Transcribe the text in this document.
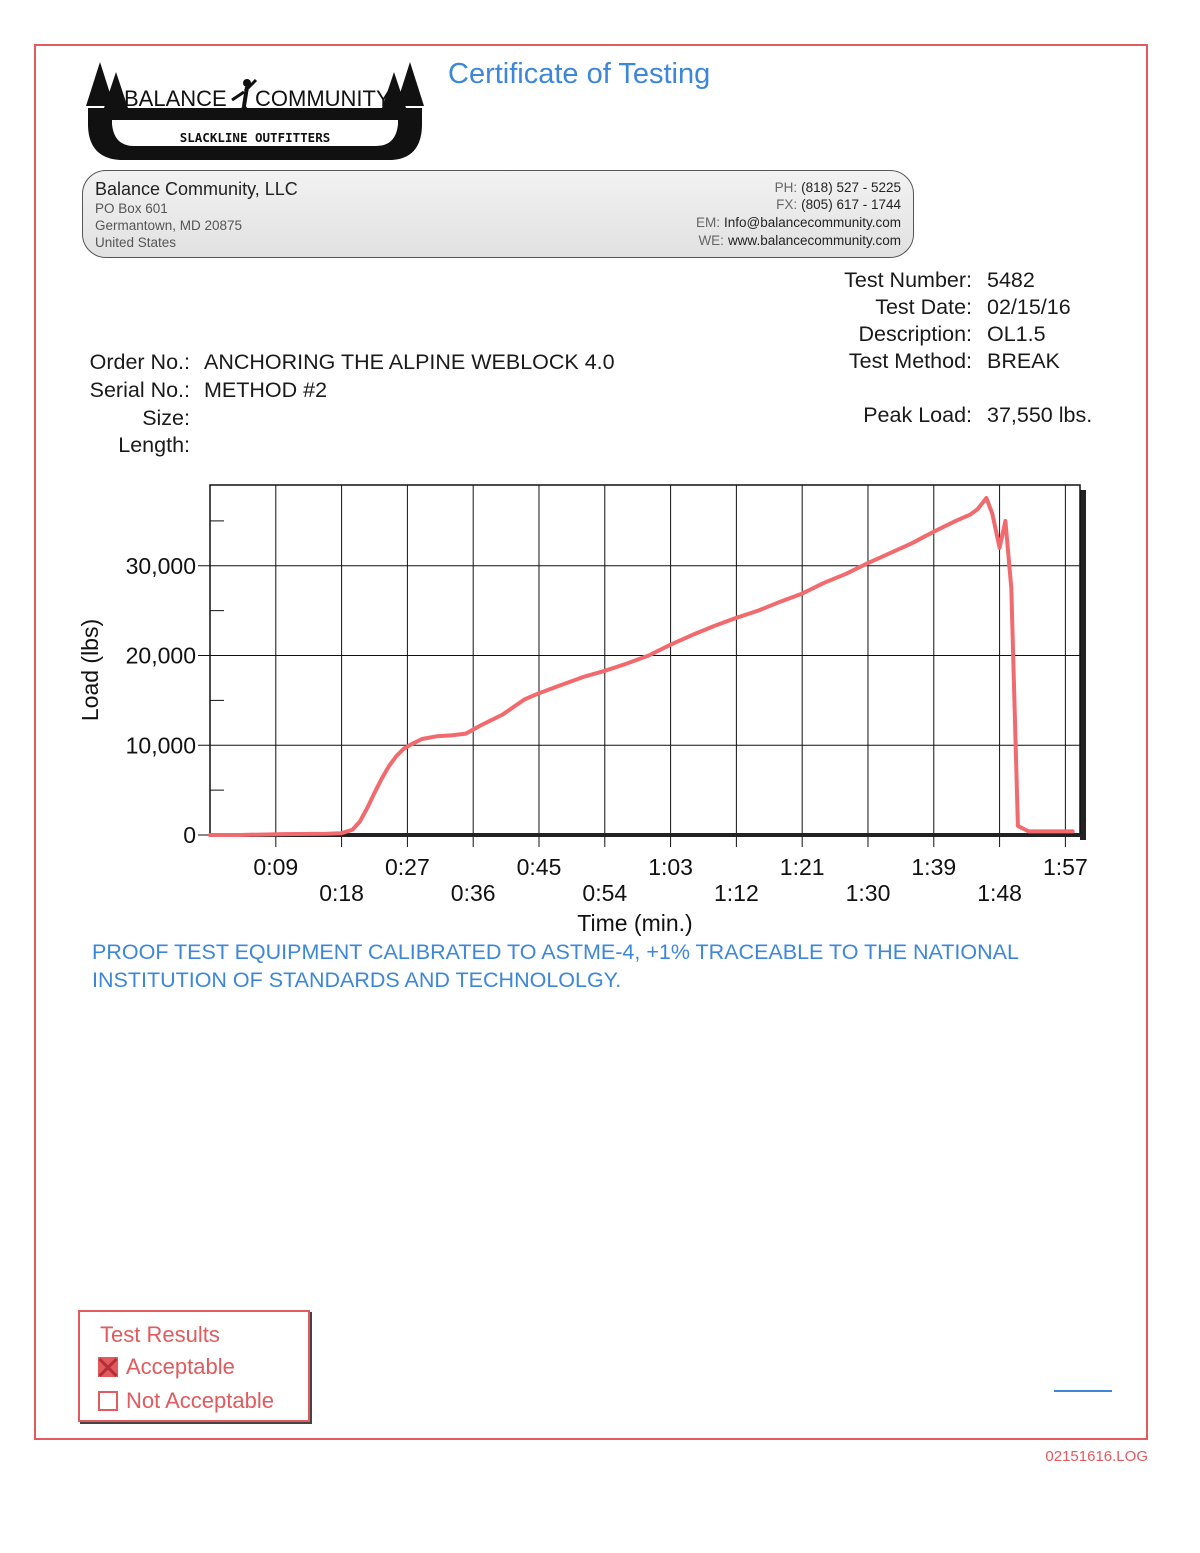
BALANCE COMMUNITY
SLACKLINE OUTFITTERS
Certificate of Testing
Balance Community, LLC
PO Box 601
Germantown, MD 20875
United States
PH: (818) 527 - 5225
FX: (805) 617 - 1744
EM: Info@balancecommunity.com
WE: www.balancecommunity.com
Test Number: 5482
Test Date: 02/15/16
Description: OL1.5
Test Method: BREAK
Peak Load: 37,550 lbs.
Order No.: ANCHORING THE ALPINE WEBLOCK 4.0
Serial No.: METHOD #2
Size:
Length:
0:09
0:18
0:27
0:36
0:45
0:54
1:03
1:12
1:21
1:30
1:39
1:48
1:57
0
10,000
20,000
30,000
Time (min.)
Load (lbs)
PROOF TEST EQUIPMENT CALIBRATED TO ASTME-4, +1% TRACEABLE TO THE NATIONAL INSTITUTION OF STANDARDS AND TECHNOLOLGY.
Test Results
Acceptable
Not Acceptable
02151616.LOG
